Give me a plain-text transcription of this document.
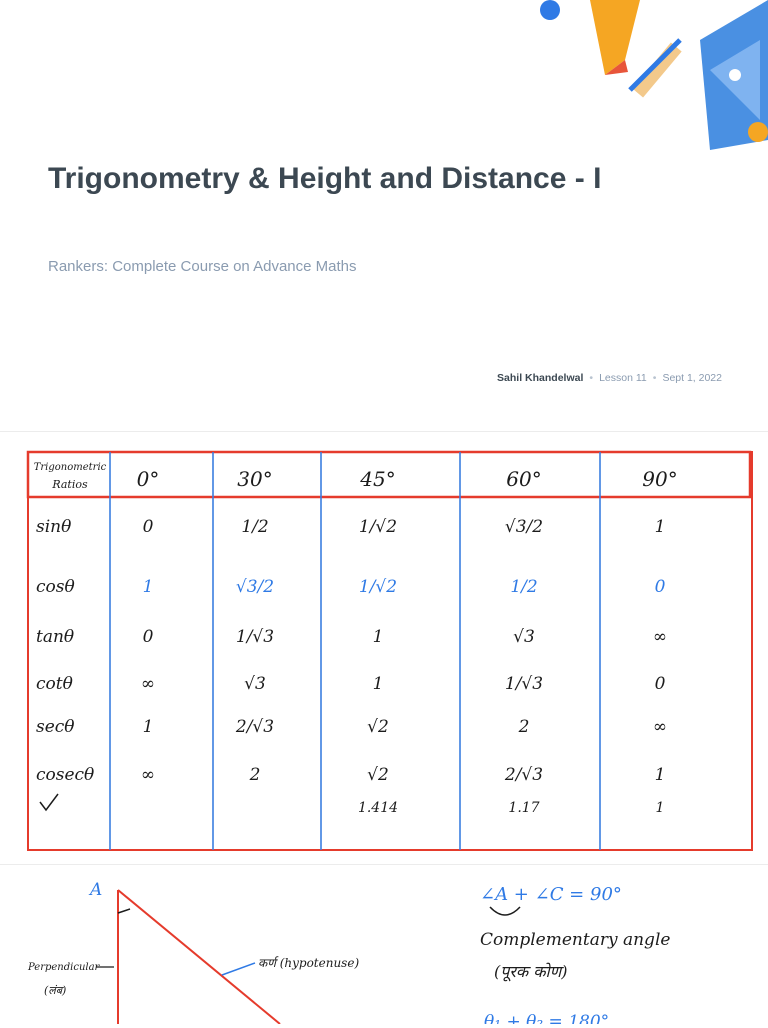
Trigonometry & Height and Distance - I

Rankers: Complete Course on Advance Maths

Sahil Khandelwal • Lesson 11 • Sept 1, 2022
Trigonometric
Ratios 0°	30°	45°	60°	90°
sinθ	0	1/2	1/√2	√3/2	1
cosθ	1	√3/2	1/√2	1/2	0
tanθ	0	1/√3	1	√3	∞
cotθ	∞	√3	1	1/√3	0
secθ	1	2/√3	√2	2	∞
cosecθ	∞	2	√2	2/√3	1
1.414	1.17	1
A
Perpendicular
(लंब)
कर्ण (hypotenuse)
∠A + ∠C = 90°
Complementary angle
(पूरक कोण)
θ₁ + θ₂ = 180°
